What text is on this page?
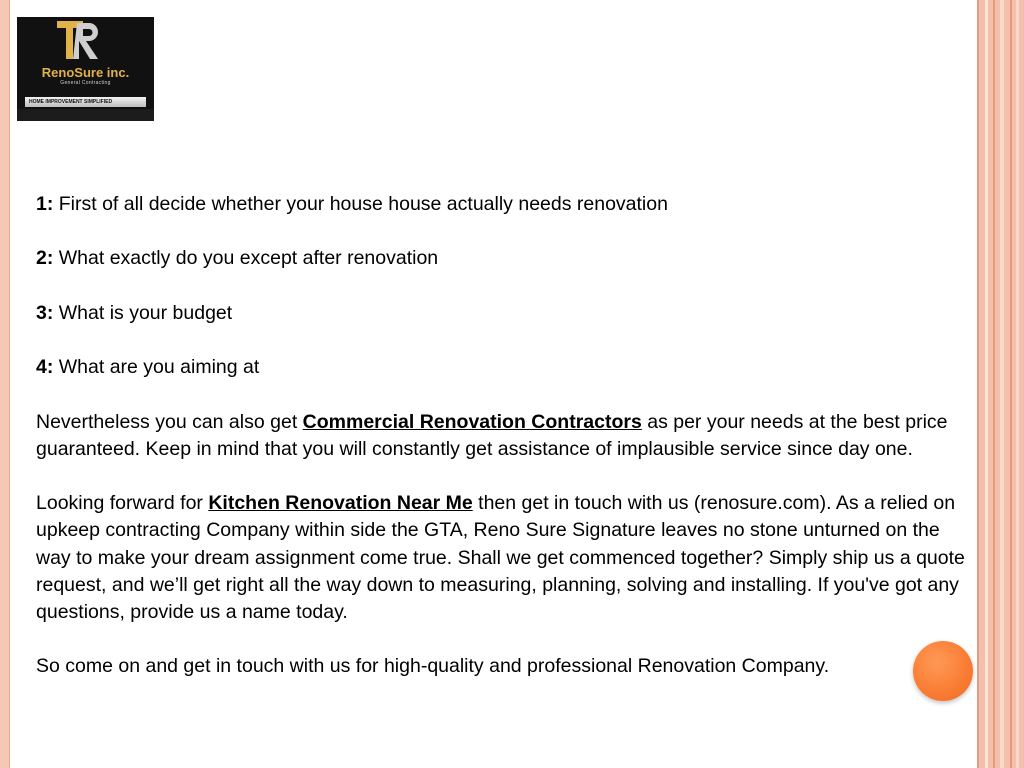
RenoSure inc.
General Contracting
HOME IMPROVEMENT SIMPLIFIED

1: First of all decide whether your house house actually needs renovation

2: What exactly do you except after renovation

3: What is your budget

4: What are you aiming at

Nevertheless you can also get Commercial Renovation Contractors as per your needs at the best price guaranteed. Keep in mind that you will constantly get assistance of implausible service since day one.

Looking forward for Kitchen Renovation Near Me then get in touch with us (renosure.com). As a relied on upkeep contracting Company within side the GTA, Reno Sure Signature leaves no stone unturned on the way to make your dream assignment come true. Shall we get commenced together? Simply ship us a quote request, and we’ll get right all the way down to measuring, planning, solving and installing. If you've got any questions, provide us a name today.

So come on and get in touch with us for high-quality and professional Renovation Company.
